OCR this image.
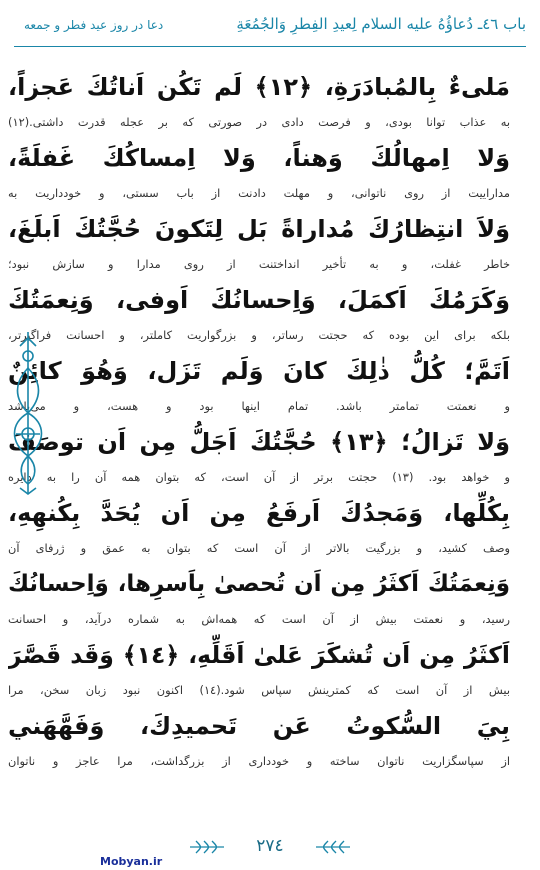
باب ٤٦ـ دُعاؤُهُ عليه السلام لِعيدِ الفِطرِ وَالجُمُعَةِ
دعا در روز عيد فطر و جمعه
مَلىءٌ بِالمُبادَرَةِ، ﴿١٢﴾ لَم تَكُن اَناتُكَ عَجزاً،
به عذاب توانا بودى، و فرصت دادى در صورتى كه بر عجله قدرت داشتى.(١٢)
وَلا اِمهالُكَ وَهناً، وَلا اِمساكُكَ غَفلَةً،
مداراييت از روى ناتوانى، و مهلت دادنت از باب سستى، و خودداريت به
وَلاَ انتِظارُكَ مُداراةً بَل لِتَكونَ حُجَّتُكَ اَبلَغَ،
خاطر غفلت، و به تأخير انداختنت از روى مدارا و سازش نبود؛
وَكَرَمُكَ اَكمَلَ، وَاِحسانُكَ اَوفى، وَنِعمَتُكَ
بلكه براى اين بوده كه حجتت رساتر، و بزرگواريت كاملتر، و احسانت فراگيرتر،
اَتَمَّ؛ كُلُّ ذٰلِكَ كانَ وَلَم تَزَل، وَهُوَ كائِنٌ
و نعمتت تمامتر باشد. تمام اينها بود و هست، و مى‌باشد
وَلا تَزالُ؛ ﴿١٣﴾ حُجَّتُكَ اَجَلُّ مِن اَن توصَفَ
و خواهد بود. (١٣) حجتت برتر از آن است، كه بتوان همه آن را به دايره
بِكُلِّها، وَمَجدُكَ اَرفَعُ مِن اَن يُحَدَّ بِكُنهِهِ،
وصف كشيد، و بزرگيت بالاتر از آن است كه بتوان به عمق و ژرفاى آن
وَنِعمَتُكَ اَكثَرُ مِن اَن تُحصىٰ بِاَسرِها، وَاِحسانُكَ
رسيد، و نعمتت بيش از آن است كه همه‌اش به شماره درآيد، و احسانت
اَكثَرُ مِن اَن تُشكَرَ عَلىٰ اَقَلِّهِ، ﴿١٤﴾ وَقَد قَصَّرَ
بيش از آن است كه كمترينش سپاس شود.(١٤) اكنون نبود زبان سخن، مرا
بِيَ السُّكوتُ عَن تَحميدِكَ، وَفَهَّهَني
از سپاسگزاريت ناتوان ساخته و خوددارى از بزرگداشت، مرا عاجز و ناتوان
٢٧٤
Mobyan.ir
